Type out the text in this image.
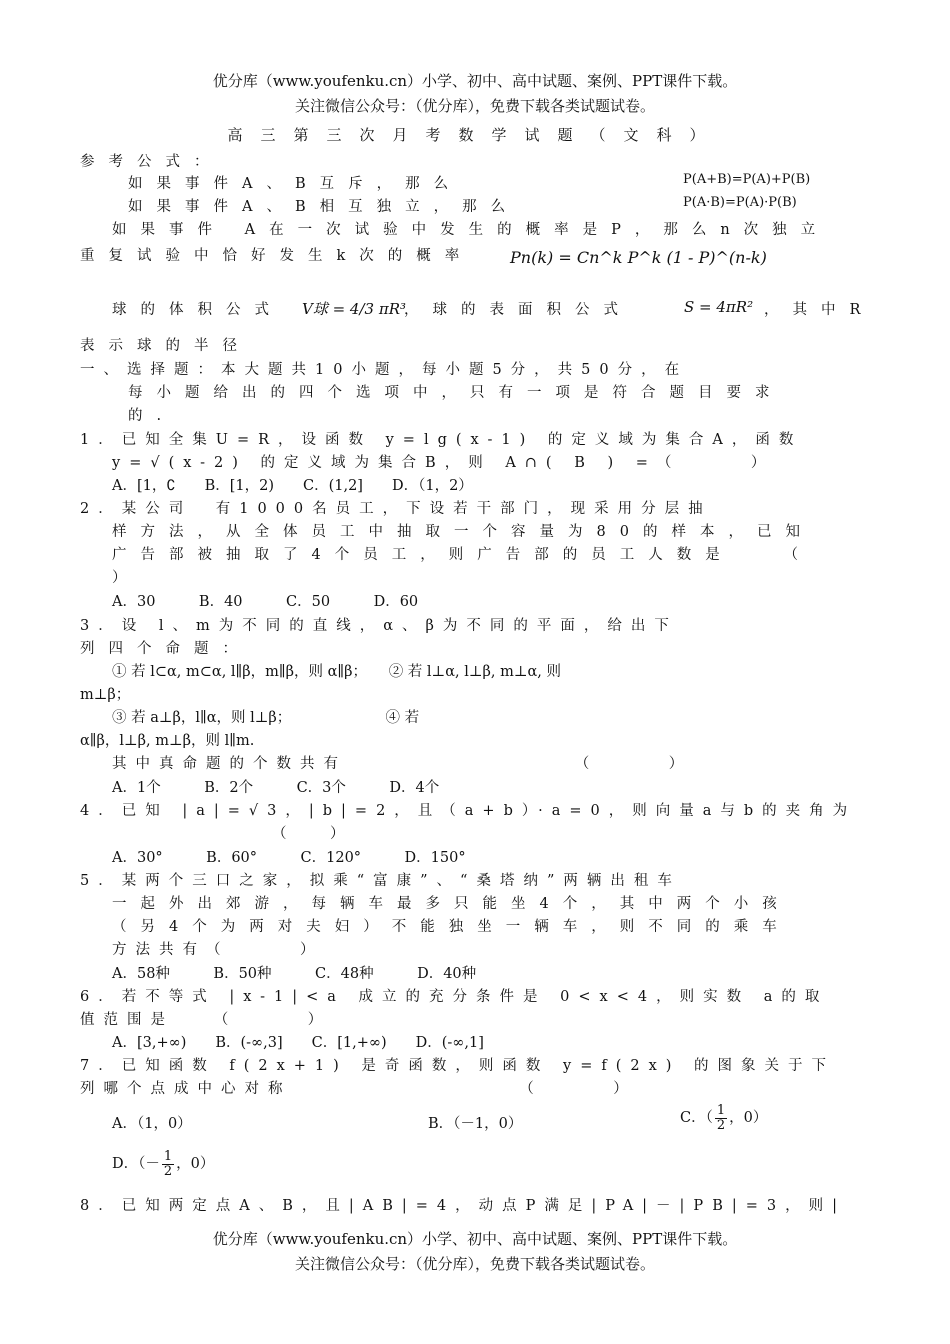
优分库（www.youfenku.cn）小学、初中、高中试题、案例、PPT课件下载。
关注微信公众号：（优分库），免费下载各类试题试卷。
高三第三次月考数学试题（文科）
参考公式：
如果事件A、B互斥，那么	P(A+B)=P(A)+P(B)
如果事件A、B相互独立，那么	P(A·B)=P(A)·P(B)
如果事件 A在一次试验中发生的概率是P，那么n次独立
重复试验中恰好发生k次的概率 Pn(k) = Cn^k P^k (1 - P)^(n-k)
球的体积公式 V球 = 4/3 πR³
，球的表面积公式	S = 4πR² ，其中R
表示球的半径
一、选择题：本大题共10小题，每小题5分，共50分，在
每小题给出的四个选项中，只有一项是符合题目要求
的.
1．已知全集U=R，设函数 y=lg(x-1) 的定义域为集合A，函数
y=√(x-2) 的定义域为集合B，则 A∩( B ) =（　　　）
A．[1，∁　　B．[1，2)　　C．(1,2]　　D．（1，2）
2．某公司　有1000名员工，下设若干部门，现采用分层抽
样方法，从全体员工中抽取一个容量为80的样本，已知
广告部被抽取了4个员工，则广告部的员工人数是　　（
）
A．30　　　B．40　　　C．50　　　D．60
3．设 l、m为不同的直线，α、β为不同的平面，给出下
列四个命题：
① 若 l⊂α, m⊂α, l∥β，m∥β，则 α∥β；　　② 若 l⊥α, l⊥β, m⊥α, 则
m⊥β；
③ 若 a⊥β，l∥α，则 l⊥β；　　　　　　　④ 若
α∥β，l⊥β, m⊥β，则 l∥m.
其中真命题的个数共有　　　　　　　　　　（　　　）
A．1个　　　B．2个　　　C．3个　　　D．4个
4．已知 |a|=√3，|b|=2，且（a+b）·a=0，则向量a与b的夹角为
（　　　）
A．30°　　　B．60°　　　C．120°　　　D．150°
5．某两个三口之家，拟乘“富康”、“桑塔纳”两辆出租车
一起外出郊游，每辆车最多只能坐4个，其中两个小孩
（另4个为两对夫妇）不能独坐一辆车，则不同的乘车
方法共有（　　　）
A．58种　　　B．50种　　　C．48种　　　D．40种
6．若不等式 |x-1|<a 成立的充分条件是 0<x<4，则实数 a的取
值范围是　　（　　　）
A．[3,+∞)　　B．(-∞,3]　　C．[1,+∞)　　D．(-∞,1]
7．已知函数 f(2x+1) 是奇函数，则函数 y=f(2x) 的图象关于下
列哪个点成中心对称　　　　　　　　　　（　　　）
A．（1，0）	B．（－1，0）	C．（ $\frac{1}{2}$ ，0）
D．（－ $\frac{1}{2}$ ，0）
8．已知两定点A、B，且|AB|=4，动点P满足|PA|－|PB|=3，则|
优分库（www.youfenku.cn）小学、初中、高中试题、案例、PPT课件下载。
关注微信公众号：（优分库），免费下载各类试题试卷。
